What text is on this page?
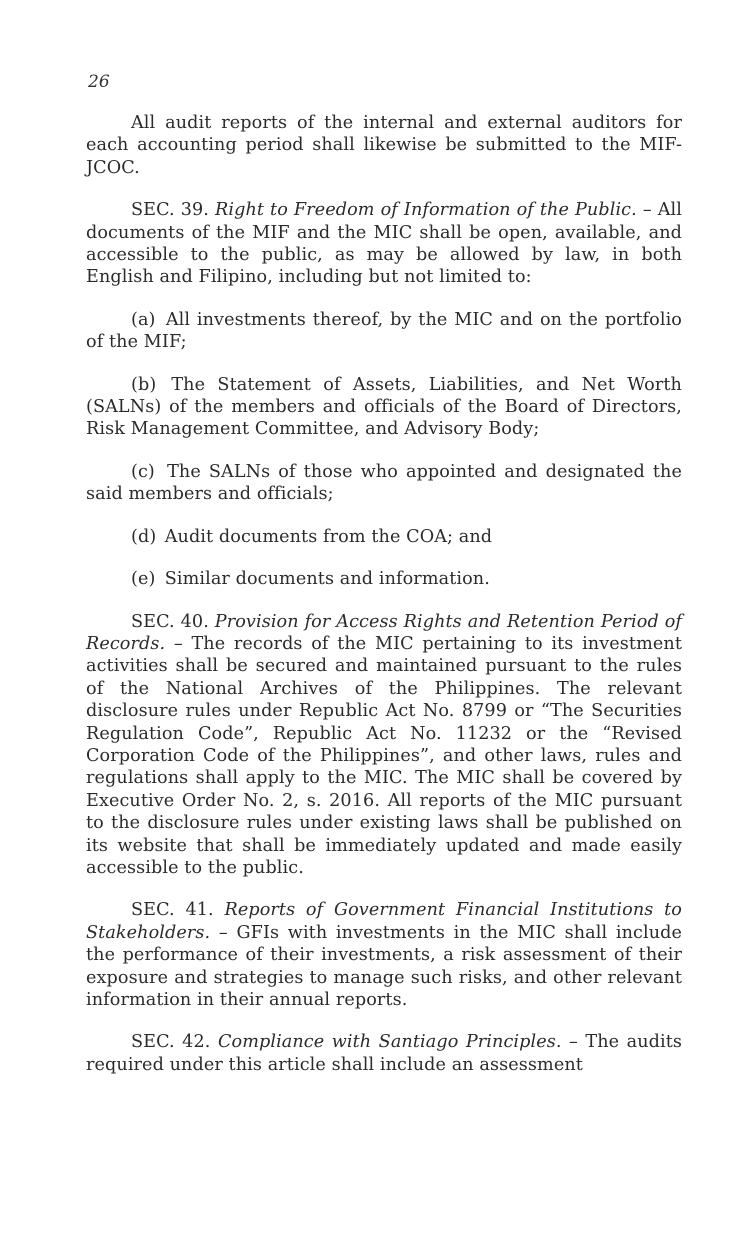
26

All audit reports of the internal and external auditors for each accounting period shall likewise be submitted to the MIF-JCOC.

SEC. 39. Right to Freedom of Information of the Public. – All documents of the MIF and the MIC shall be open, available, and accessible to the public, as may be allowed by law, in both English and Filipino, including but not limited to:

(a) All investments thereof, by the MIC and on the portfolio of the MIF;

(b) The Statement of Assets, Liabilities, and Net Worth (SALNs) of the members and officials of the Board of Directors, Risk Management Committee, and Advisory Body;

(c) The SALNs of those who appointed and designated the said members and officials;

(d) Audit documents from the COA; and

(e) Similar documents and information.

SEC. 40. Provision for Access Rights and Retention Period of Records. – The records of the MIC pertaining to its investment activities shall be secured and maintained pursuant to the rules of the National Archives of the Philippines. The relevant disclosure rules under Republic Act No. 8799 or “The Securities Regulation Code”, Republic Act No. 11232 or the “Revised Corporation Code of the Philippines”, and other laws, rules and regulations shall apply to the MIC. The MIC shall be covered by Executive Order No. 2, s. 2016. All reports of the MIC pursuant to the disclosure rules under existing laws shall be published on its website that shall be immediately updated and made easily accessible to the public.

SEC. 41. Reports of Government Financial Institutions to Stakeholders. – GFIs with investments in the MIC shall include the performance of their investments, a risk assessment of their exposure and strategies to manage such risks, and other relevant information in their annual reports.

SEC. 42. Compliance with Santiago Principles. – The audits required under this article shall include an assessment
